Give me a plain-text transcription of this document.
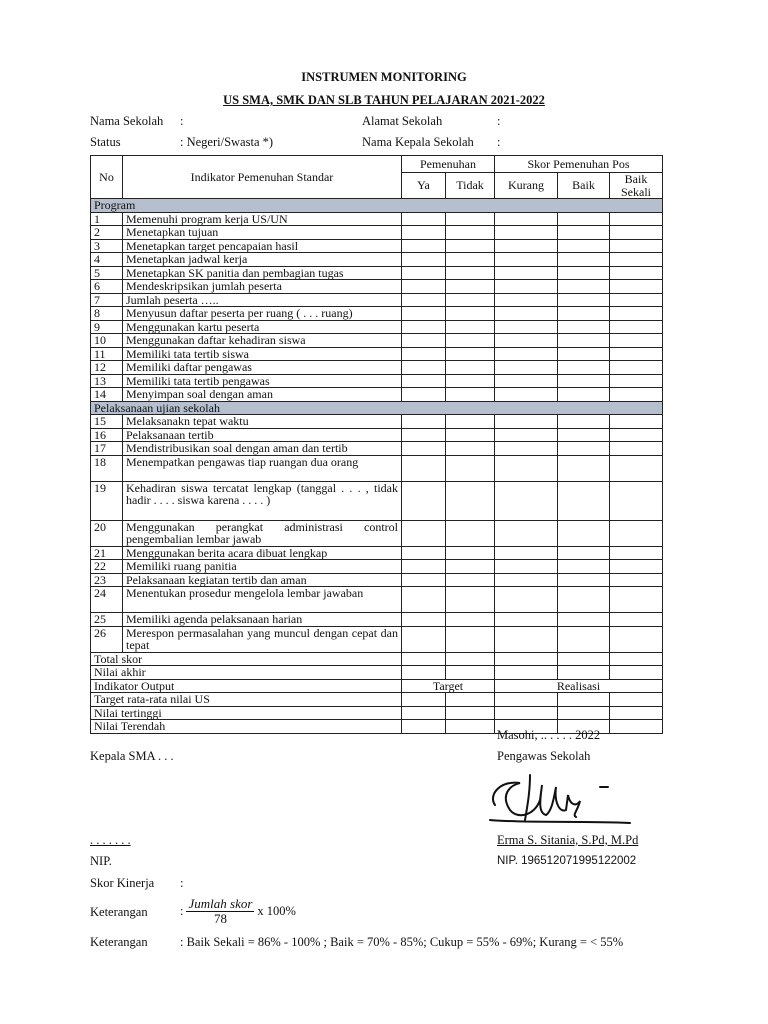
INSTRUMEN MONITORING
US SMA, SMK DAN SLB TAHUN PELAJARAN 2021-2022
Nama Sekolah :	Alamat Sekolah	:
Status	: Negeri/Swasta *)	Nama Kepala Sekolah :
No	Indikator Pemenuhan Standar	Pemenuhan		Skor Pemenuhan Pos		
		Ya	Tidak	Kurang	Baik	Baik Sekali
Program						
1	Memenuhi program kerja US/UN					
2	Menetapkan tujuan					
3	Menetapkan target pencapaian hasil					
4	Menetapkan jadwal kerja					
5	Menetapkan SK panitia dan pembagian tugas					
6	Mendeskripsikan jumlah peserta					
7	Jumlah peserta …..					
8	Menyusun daftar peserta per ruang ( . . . ruang)					
9	Menggunakan kartu peserta					
10	Menggunakan daftar kehadiran siswa					
11	Memiliki tata tertib siswa					
12	Memiliki daftar pengawas					
13	Memiliki tata tertib pengawas					
14	Menyimpan soal dengan aman					
Pelaksanaan ujian sekolah						
15	Melaksanakn tepat waktu					
16	Pelaksanaan tertib					
17	Mendistribusikan soal dengan aman dan tertib					
18	Menempatkan pengawas tiap ruangan dua orang					
19	Kehadiran siswa tercatat lengkap (tanggal . . . , tidak hadir . . . . siswa karena . . . . )					
20	Menggunakan perangkat administrasi control pengembalian lembar jawab					
21	Menggunakan berita acara dibuat lengkap					
22	Memiliki ruang panitia					
23	Pelaksanaan kegiatan tertib dan aman					
24	Menentukan prosedur mengelola lembar jawaban					
25	Memiliki agenda pelaksanaan harian					
26	Merespon permasalahan yang muncul dengan cepat dan tepat					
Total skor						
Nilai akhir						
Indikator Output		Target		Realisasi		
Target rata-rata nilai US						
Nilai tertinggi						
Nilai Terendah						
Masohi, .. . . . . 2022
Kepala SMA . . .	Pengawas Sekolah
. . . . . . .	Erma S. Sitania, S.Pd, M.Pd
NIP.	NIP. 196512071995122002
Skor Kinerja :
Keterangan	: $\frac{\text{Jumlah skor}}{78}$ x 100%
Keterangan	: Baik Sekali = 86% - 100% ; Baik = 70% - 85%; Cukup = 55% - 69%; Kurang = < 55%
